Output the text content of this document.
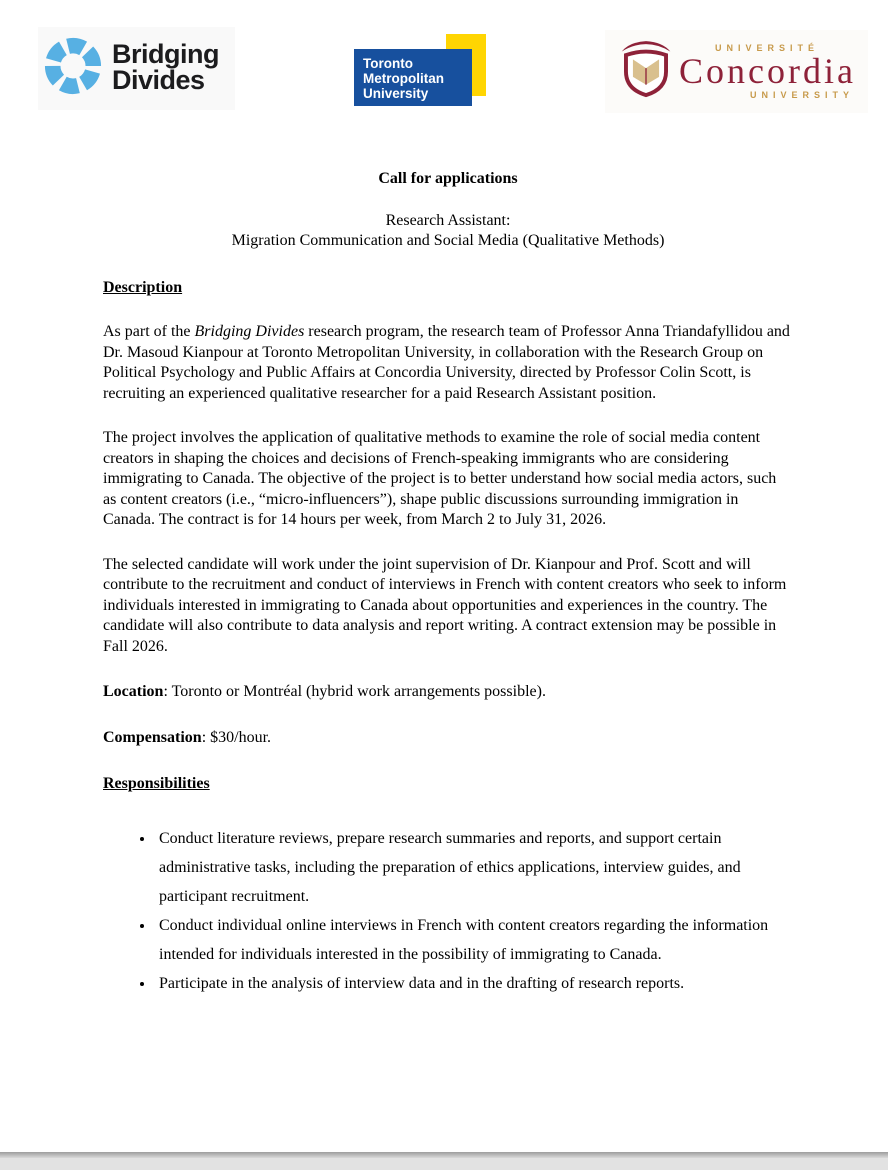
Bridging
Divides
Toronto
Metropolitan
University
UNIVERSITÉ
Concordia
UNIVERSITY

Call for applications

Research Assistant:
Migration Communication and Social Media (Qualitative Methods)
Description

As part of the Bridging Divides research program, the research team of Professor Anna Triandafyllidou and Dr. Masoud Kianpour at Toronto Metropolitan University, in collaboration with the Research Group on Political Psychology and Public Affairs at Concordia University, directed by Professor Colin Scott, is recruiting an experienced qualitative researcher for a paid Research Assistant position.

The project involves the application of qualitative methods to examine the role of social media content creators in shaping the choices and decisions of French-speaking immigrants who are considering immigrating to Canada. The objective of the project is to better understand how social media actors, such as content creators (i.e., “micro-influencers”), shape public discussions surrounding immigration in Canada. The contract is for 14 hours per week, from March 2 to July 31, 2026.

The selected candidate will work under the joint supervision of Dr. Kianpour and Prof. Scott and will contribute to the recruitment and conduct of interviews in French with content creators who seek to inform individuals interested in immigrating to Canada about opportunities and experiences in the country. The candidate will also contribute to data analysis and report writing. A contract extension may be possible in Fall 2026.

Location: Toronto or Montréal (hybrid work arrangements possible).

Compensation: $30/hour.

Responsibilities
• Conduct literature reviews, prepare research summaries and reports, and support certain administrative tasks, including the preparation of ethics applications, interview guides, and participant recruitment.
• Conduct individual online interviews in French with content creators regarding the information intended for individuals interested in the possibility of immigrating to Canada.
• Participate in the analysis of interview data and in the drafting of research reports.
